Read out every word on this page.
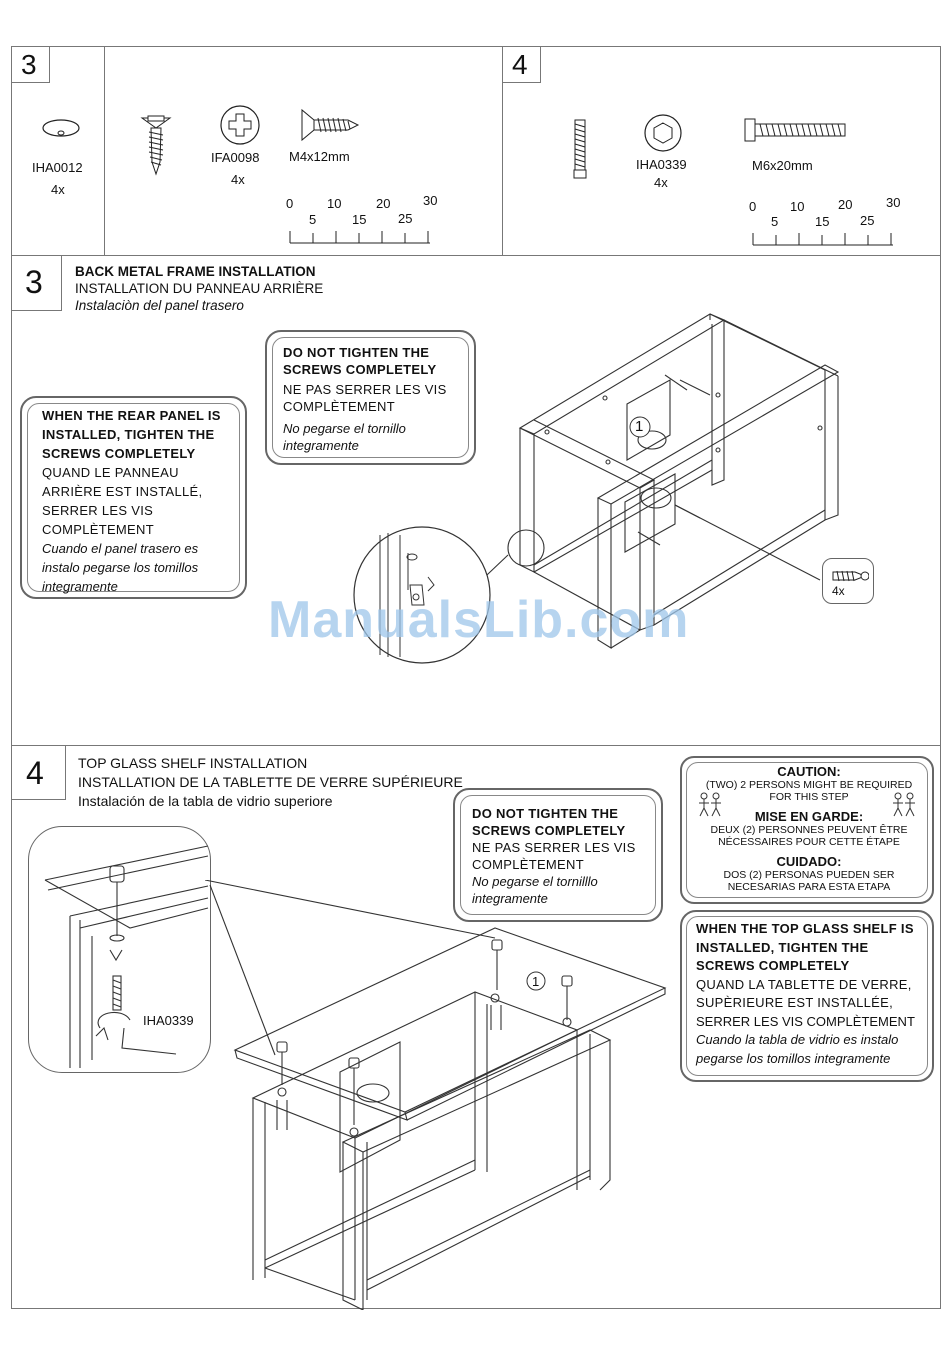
3	4
IHA0012
4x
IFA0098
4x
M4x12mm
0
5
10
15
20
25
30
IHA0339
4x
M6x20mm
0
5
10
15
20
25
30
3 BACK METAL FRAME INSTALLATION
INSTALLATION DU PANNEAU ARRIÈRE
Instalaciòn del panel trasero
DO NOT TIGHTEN THE
SCREWS COMPLETELY
NE PAS SERRER LES VIS
COMPLÈTEMENT
No pegarse el tornillo
integramente
WHEN THE REAR PANEL IS
INSTALLED, TIGHTEN THE
SCREWS COMPLETELY
QUAND LE PANNEAU
ARRIÈRE EST INSTALLÉ,
SERRER LES VIS
COMPLÈTEMENT
Cuando el panel trasero es
instalo pegarse los tomillos
integramente
1
4x
ManualsLib.com
4 TOP GLASS SHELF INSTALLATION
INSTALLATION DE LA TABLETTE DE VERRE SUPÉRIEURE
Instalación de la tabla de vidrio superiore
DO NOT TIGHTEN THE
SCREWS COMPLETELY
NE PAS SERRER LES VIS
COMPLÈTEMENT
No pegarse el tornilllo
integramente
CAUTION:
(TWO) 2 PERSONS MIGHT BE REQUIRED
FOR THIS STEP
MISE EN GARDE:
DEUX (2) PERSONNES PEUVENT ÊTRE
NÉCESSAIRES POUR CETTE ÉTAPE
CUIDADO:
DOS (2) PERSONAS PUEDEN SER
NECESARIAS PARA ESTA ETAPA
WHEN THE TOP GLASS SHELF IS
INSTALLED, TIGHTEN THE
SCREWS COMPLETELY
QUAND LA TABLETTE DE VERRE,
SUPÈRIEURE EST INSTALLÉE,
SERRER LES VIS COMPLÈTEMENT
Cuando la tabla de vidrio es instalo
pegarse los tomillos integramente
IHA0339
1
